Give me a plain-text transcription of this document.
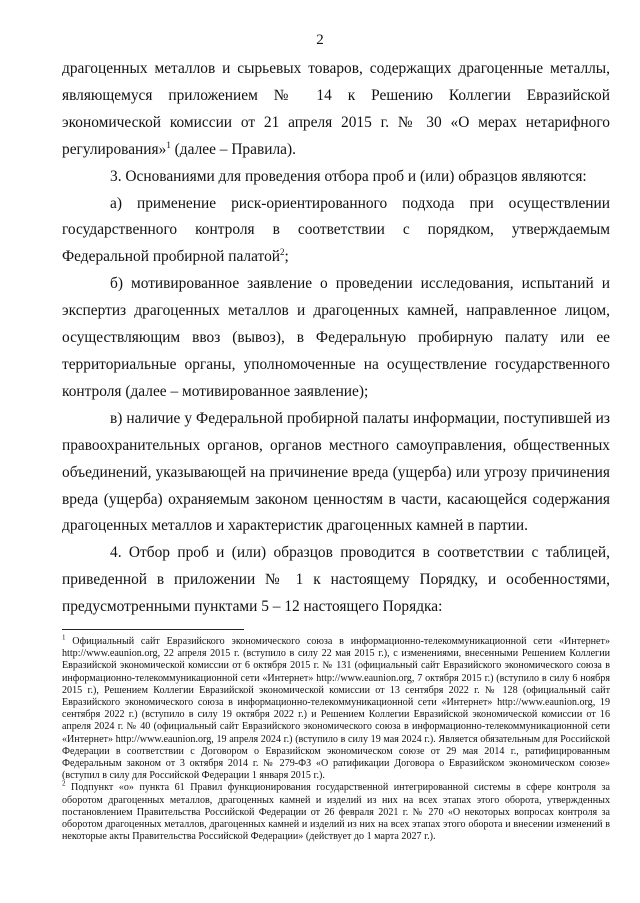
2

драгоценных металлов и сырьевых товаров, содержащих драгоценные металлы, являющемуся приложением № 14 к Решению Коллегии Евразийской экономической комиссии от 21 апреля 2015 г. № 30 «О мерах нетарифного регулирования»$^1$ (далее – Правила).

3. Основаниями для проведения отбора проб и (или) образцов являются:

а) применение риск-ориентированного подхода при осуществлении государственного контроля в соответствии с порядком, утверждаемым Федеральной пробирной палатой$^2$;

б) мотивированное заявление о проведении исследования, испытаний и экспертиз драгоценных металлов и драгоценных камней, направленное лицом, осуществляющим ввоз (вывоз), в Федеральную пробирную палату или ее территориальные органы, уполномоченные на осуществление государственного контроля (далее – мотивированное заявление);

в) наличие у Федеральной пробирной палаты информации, поступившей из правоохранительных органов, органов местного самоуправления, общественных объединений, указывающей на причинение вреда (ущерба) или угрозу причинения вреда (ущерба) охраняемым законом ценностям в части, касающейся содержания драгоценных металлов и характеристик драгоценных камней в партии.

4. Отбор проб и (или) образцов проводится в соответствии с таблицей, приведенной в приложении № 1 к настоящему Порядку, и особенностями, предусмотренными пунктами 5 – 12 настоящего Порядка:

$^1$ Официальный сайт Евразийского экономического союза в информационно-телекоммуникационной сети «Интернет» http://www.eaunion.org, 22 апреля 2015 г. (вступило в силу 22 мая 2015 г.), с изменениями, внесенными Решением Коллегии Евразийской экономической комиссии от 6 октября 2015 г. № 131 (официальный сайт Евразийского экономического союза в информационно-телекоммуникационной сети «Интернет» http://www.eaunion.org, 7 октября 2015 г.) (вступило в силу 6 ноября 2015 г.), Решением Коллегии Евразийской экономической комиссии от 13 сентября 2022 г. № 128 (официальный сайт Евразийского экономического союза в информационно-телекоммуникационной сети «Интернет» http://www.eaunion.org, 19 сентября 2022 г.) (вступило в силу 19 октября 2022 г.) и Решением Коллегии Евразийской экономической комиссии от 16 апреля 2024 г. № 40 (официальный сайт Евразийского экономического союза в информационно-телекоммуникационной сети «Интернет» http://www.eaunion.org, 19 апреля 2024 г.) (вступило в силу 19 мая 2024 г.). Является обязательным для Российской Федерации в соответствии с Договором о Евразийском экономическом союзе от 29 мая 2014 г., ратифицированным Федеральным законом от 3 октября 2014 г. № 279-ФЗ «О ратификации Договора о Евразийском экономическом союзе» (вступил в силу для Российской Федерации 1 января 2015 г.).

$^2$ Подпункт «о» пункта 61 Правил функционирования государственной интегрированной системы в сфере контроля за оборотом драгоценных металлов, драгоценных камней и изделий из них на всех этапах этого оборота, утвержденных постановлением Правительства Российской Федерации от 26 февраля 2021 г. № 270 «О некоторых вопросах контроля за оборотом драгоценных металлов, драгоценных камней и изделий из них на всех этапах этого оборота и внесении изменений в некоторые акты Правительства Российской Федерации» (действует до 1 марта 2027 г.).
